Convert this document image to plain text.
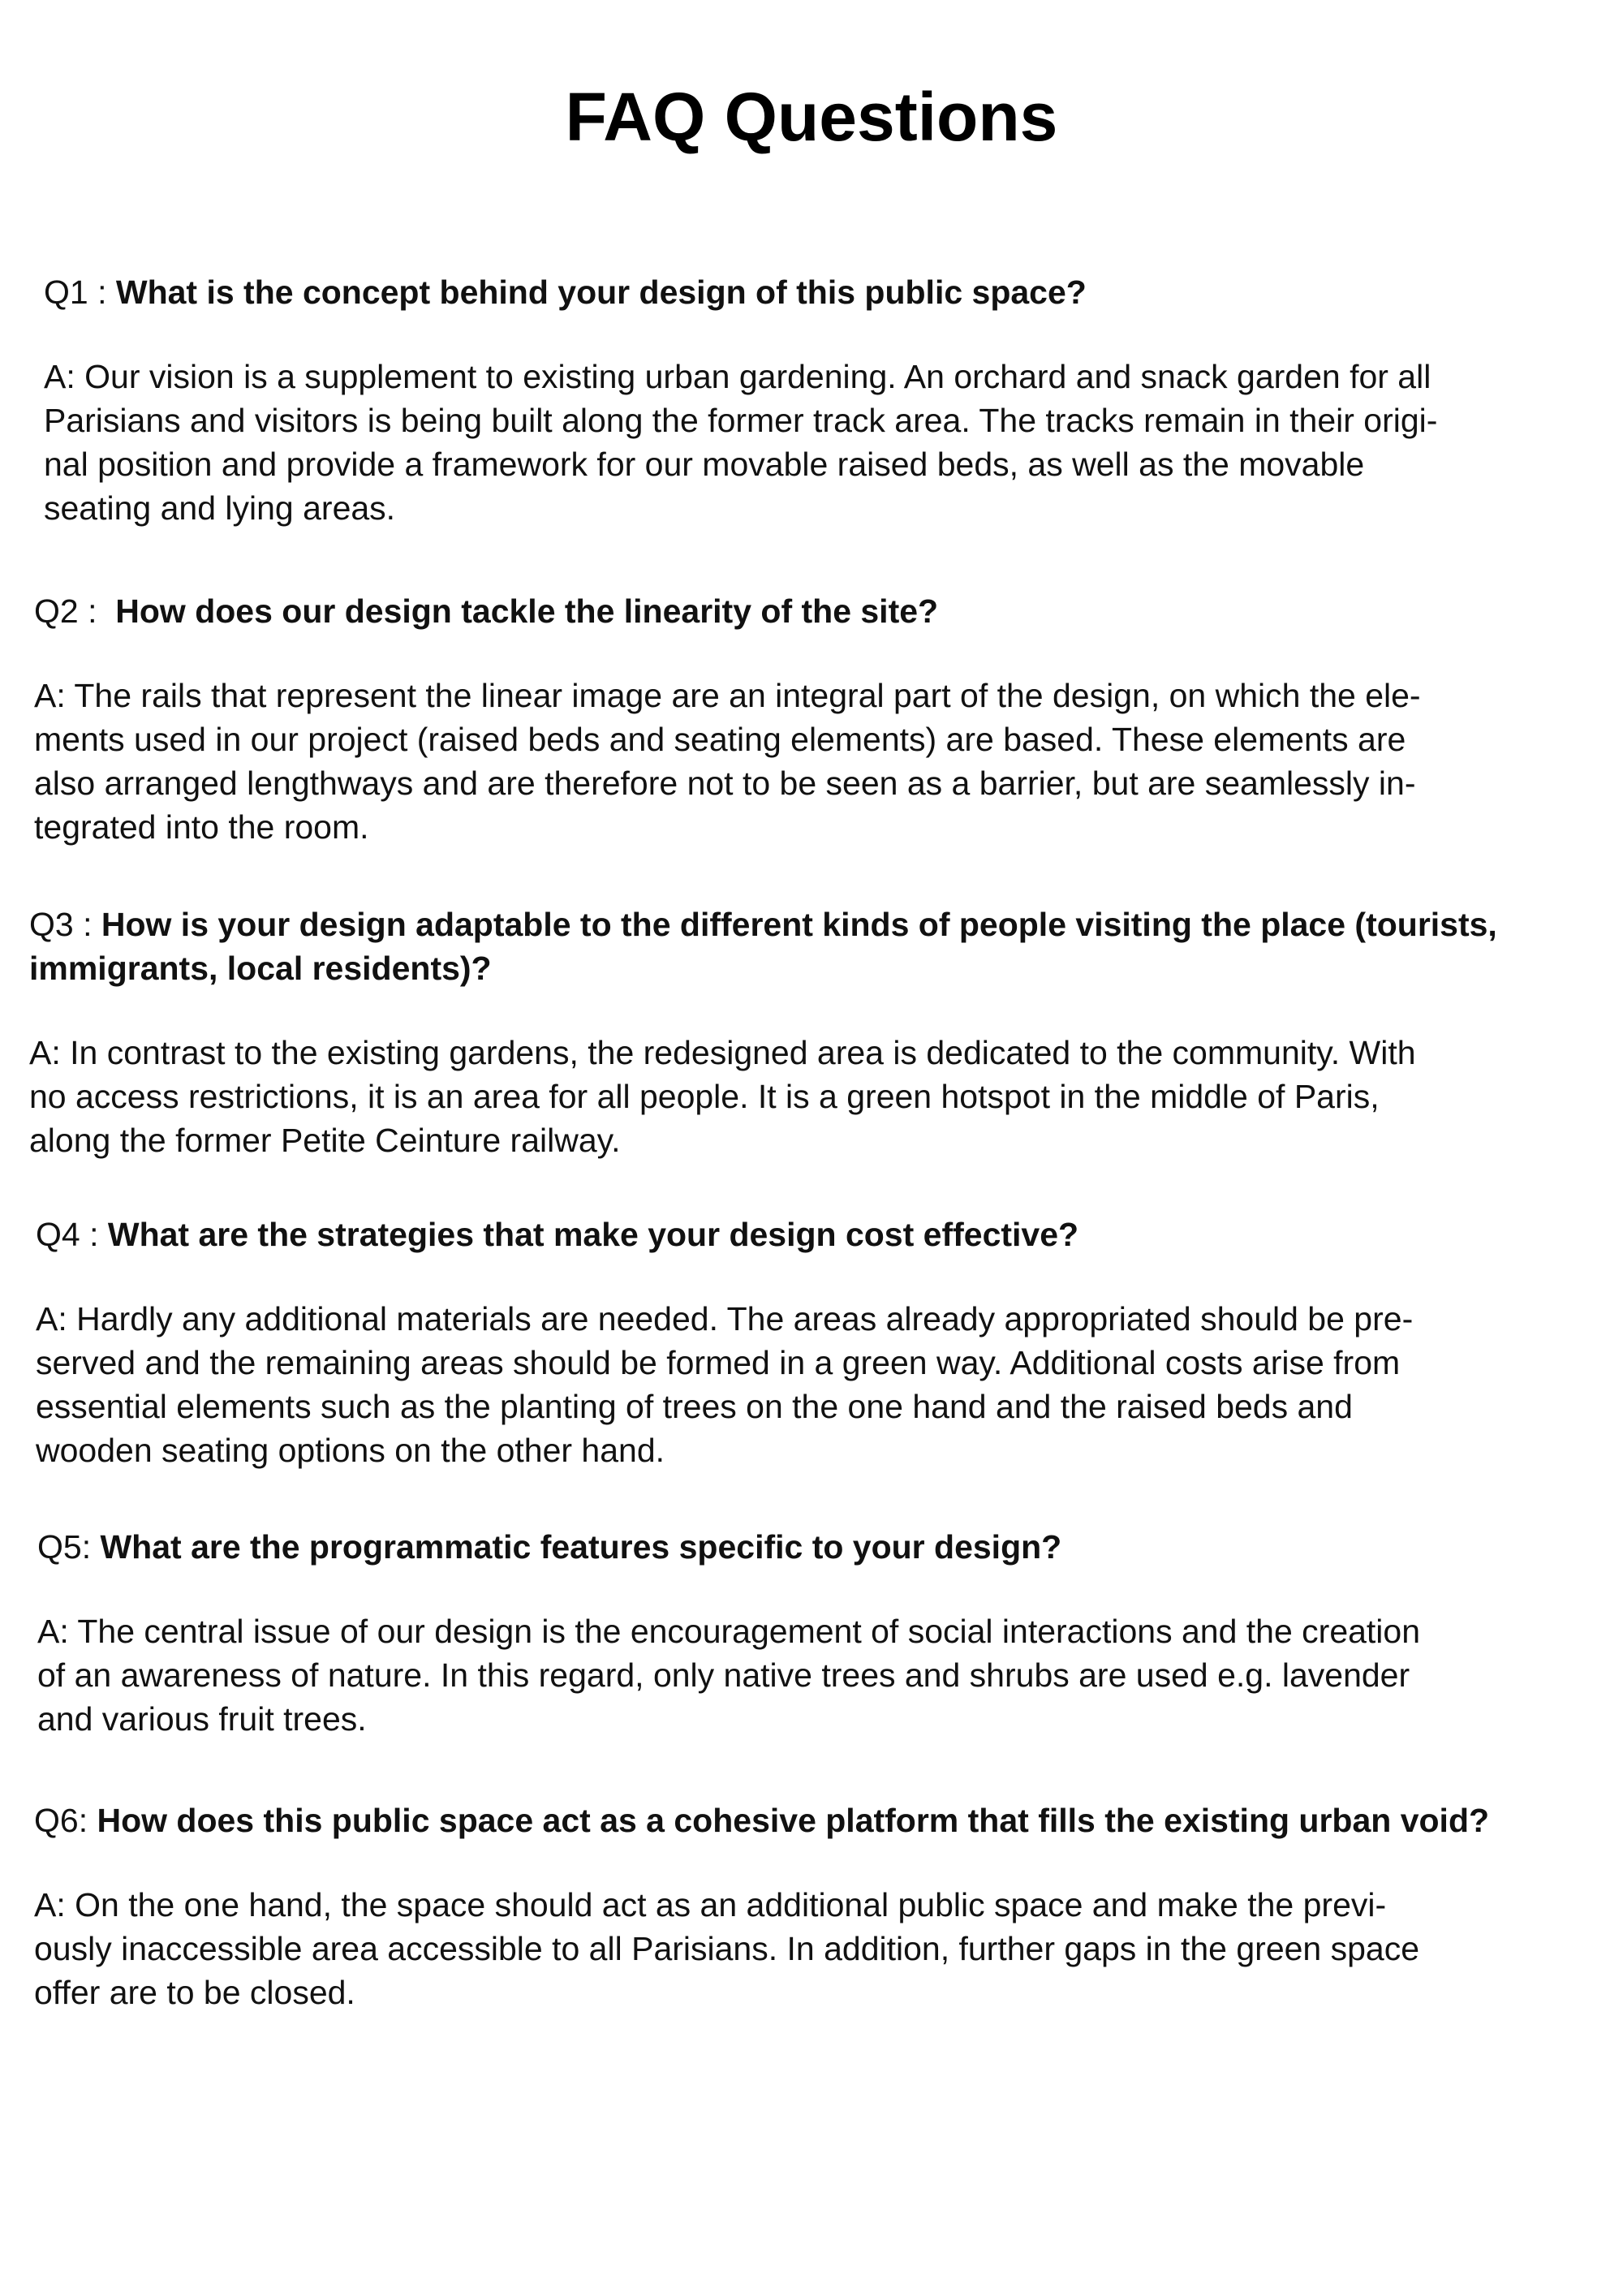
FAQ Questions

Q1 : What is the concept behind your design of this public space?

A: Our vision is a supplement to existing urban gardening. An orchard and snack garden for all
Parisians and visitors is being built along the former track area. The tracks remain in their origi-
nal position and provide a framework for our movable raised beds, as well as the movable
seating and lying areas.

Q2 :  How does our design tackle the linearity of the site?

A: The rails that represent the linear image are an integral part of the design, on which the ele-
ments used in our project (raised beds and seating elements) are based. These elements are
also arranged lengthways and are therefore not to be seen as a barrier, but are seamlessly in-
tegrated into the room.

Q3 : How is your design adaptable to the different kinds of people visiting the place (tourists, immigrants, local residents)?

A: In contrast to the existing gardens, the redesigned area is dedicated to the community. With
no access restrictions, it is an area for all people. It is a green hotspot in the middle of Paris,
along the former Petite Ceinture railway.

Q4 : What are the strategies that make your design cost effective?

A: Hardly any additional materials are needed. The areas already appropriated should be pre-
served and the remaining areas should be formed in a green way. Additional costs arise from
essential elements such as the planting of trees on the one hand and the raised beds and
wooden seating options on the other hand.

Q5: What are the programmatic features specific to your design?

A: The central issue of our design is the encouragement of social interactions and the creation
of an awareness of nature. In this regard, only native trees and shrubs are used e.g. lavender
and various fruit trees.

Q6: How does this public space act as a cohesive platform that fills the existing urban void?

A: On the one hand, the space should act as an additional public space and make the previ-
ously inaccessible area accessible to all Parisians. In addition, further gaps in the green space
offer are to be closed.
